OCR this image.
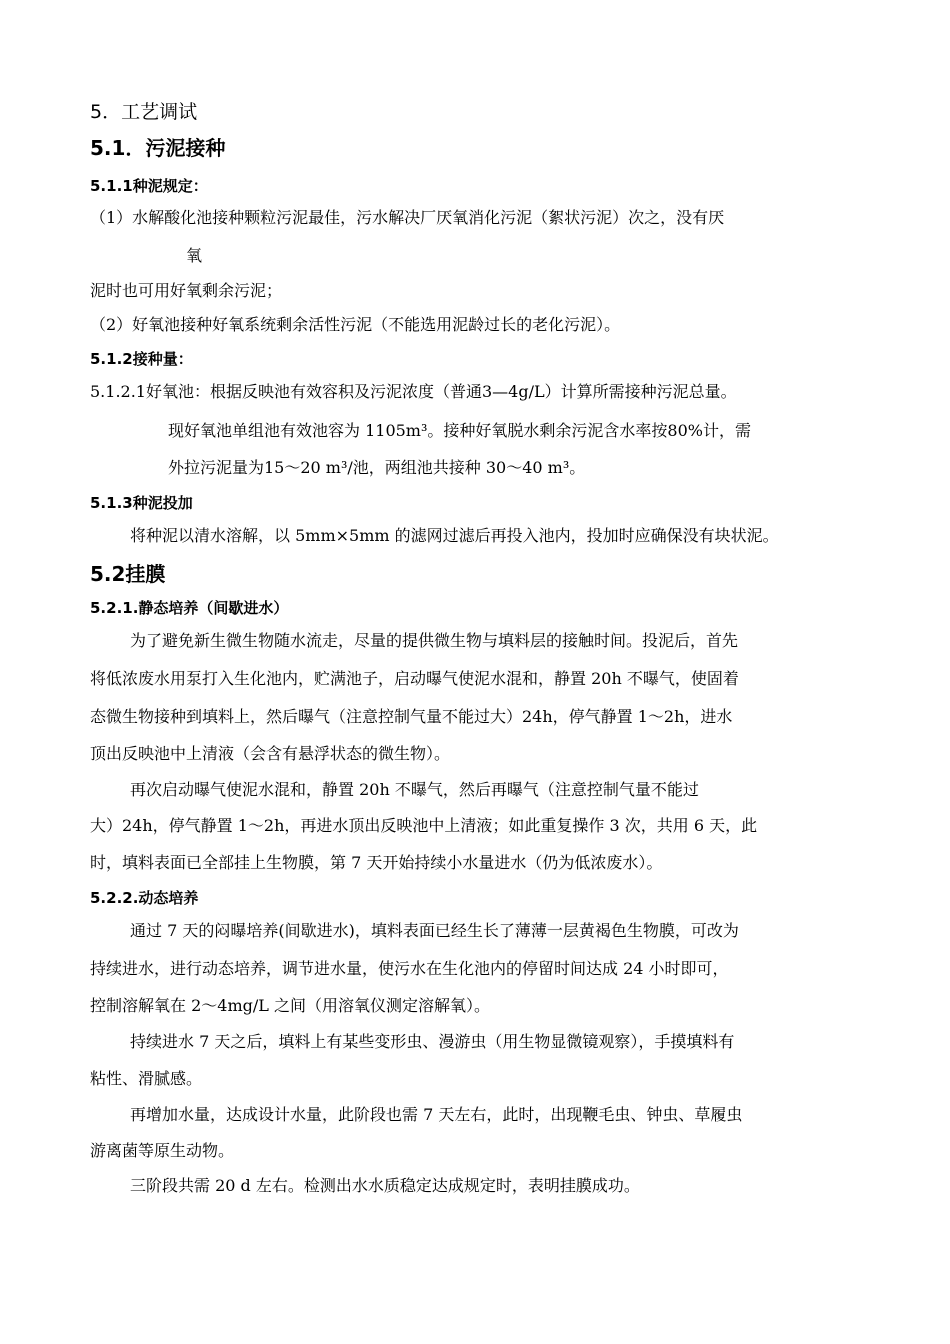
5．工艺调试
5.1．污泥接种
5.1.1种泥规定：
（1）水解酸化池接种颗粒污泥最佳，污水解决厂厌氧消化污泥（絮状污泥）次之，没有厌
氧
泥时也可用好氧剩余污泥；
（2）好氧池接种好氧系统剩余活性污泥（不能选用泥龄过长的老化污泥）。
5.1.2接种量：
5.1.2.1好氧池：根据反映池有效容积及污泥浓度（普通3—4g/L）计算所需接种污泥总量。
现好氧池单组池有效池容为 1105m³。接种好氧脱水剩余污泥含水率按80%计，需
外拉污泥量为15～20 m³/池，两组池共接种 30～40 m³。
5.1.3种泥投加
将种泥以清水溶解，以 5mm×5mm 的滤网过滤后再投入池内，投加时应确保没有块状泥。
5.2挂膜
5.2.1.静态培养（间歇进水）
为了避免新生微生物随水流走，尽量的提供微生物与填料层的接触时间。投泥后，首先
将低浓废水用泵打入生化池内，贮满池子，启动曝气使泥水混和，静置 20h 不曝气，使固着
态微生物接种到填料上，然后曝气（注意控制气量不能过大）24h，停气静置 1～2h，进水
顶出反映池中上清液（会含有悬浮状态的微生物）。
再次启动曝气使泥水混和，静置 20h 不曝气，然后再曝气（注意控制气量不能过
大）24h，停气静置 1～2h，再进水顶出反映池中上清液；如此重复操作 3 次，共用 6 天，此
时，填料表面已全部挂上生物膜，第 7 天开始持续小水量进水（仍为低浓废水）。
5.2.2.动态培养
通过 7 天的闷曝培养(间歇进水)，填料表面已经生长了薄薄一层黄褐色生物膜，可改为
持续进水，进行动态培养，调节进水量，使污水在生化池内的停留时间达成 24 小时即可，
控制溶解氧在 2～4mg/L 之间（用溶氧仪测定溶解氧）。
持续进水 7 天之后，填料上有某些变形虫、漫游虫（用生物显微镜观察），手摸填料有
粘性、滑腻感。
再增加水量，达成设计水量，此阶段也需 7 天左右，此时，出现鞭毛虫、钟虫、草履虫
游离菌等原生动物。
三阶段共需 20 d 左右。检测出水水质稳定达成规定时，表明挂膜成功。
